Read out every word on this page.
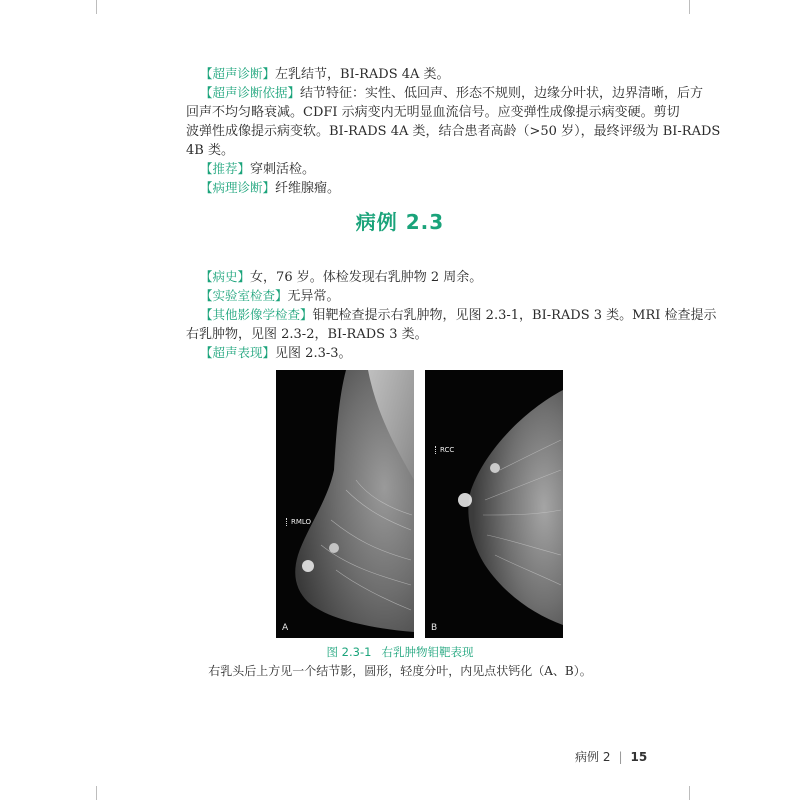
【超声诊断】左乳结节，BI-RADS 4A 类。
【超声诊断依据】结节特征：实性、低回声、形态不规则，边缘分叶状，边界清晰，后方
回声不均匀略衰减。CDFI 示病变内无明显血流信号。应变弹性成像提示病变硬。剪切
波弹性成像提示病变软。BI-RADS 4A 类，结合患者高龄（>50 岁），最终评级为 BI-RADS
4B 类。
【推荐】穿刺活检。
【病理诊断】纤维腺瘤。
病例 2.3
【病史】女，76 岁。体检发现右乳肿物 2 周余。
【实验室检查】无异常。
【其他影像学检查】钼靶检查提示右乳肿物，见图 2.3-1，BI-RADS 3 类。MRI 检查提示
右乳肿物，见图 2.3-2，BI-RADS 3 类。
【超声表现】见图 2.3-3。
RMLO
A
RCC
B
图 2.3-1 右乳肿物钼靶表现
右乳头后上方见一个结节影，圆形，轻度分叶，内见点状钙化（A、B）。
病例 2 | 15
